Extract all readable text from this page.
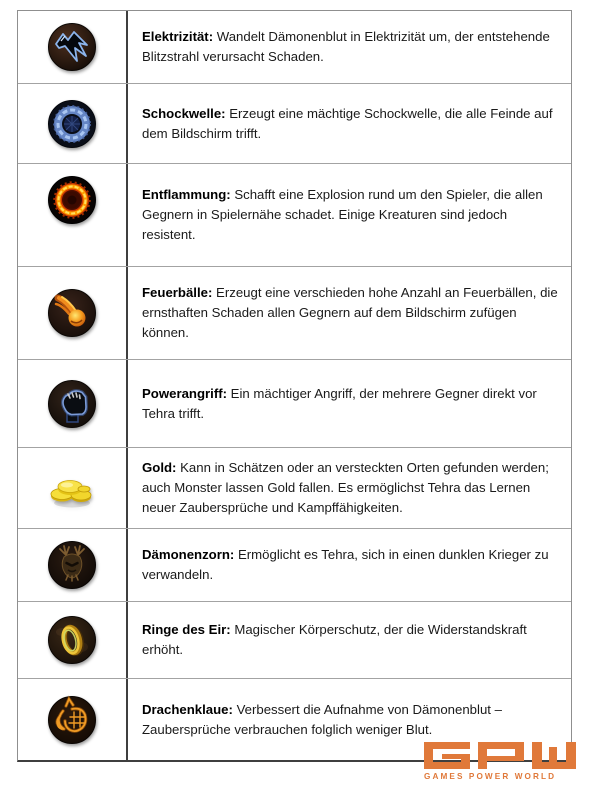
Elektrizität: Wandelt Dämonenblut in Elektrizität um, der entstehende Blitzstrahl verursacht Schaden.

Schockwelle: Erzeugt eine mächtige Schockwelle, die alle Feinde auf dem Bildschirm trifft.

Entflammung: Schafft eine Explosion rund um den Spieler, die allen Gegnern in Spielernähe schadet. Einige Kreaturen sind jedoch resistent.

Feuerbälle: Erzeugt eine verschieden hohe Anzahl an Feuerbällen, die ernsthaften Schaden allen Gegnern auf dem Bildschirm zufügen können.

Powerangriff: Ein mächtiger Angriff, der mehrere Gegner direkt vor Tehra trifft.

Gold: Kann in Schätzen oder an versteckten Orten gefunden werden; auch Monster lassen Gold fallen. Es ermöglichst Tehra das Lernen neuer Zaubersprüche und Kampffähigkeiten.

Dämonenzorn: Ermöglicht es Tehra, sich in einen dunklen Krieger zu verwandeln.

Ringe des Eir: Magischer Körperschutz, der die Widerstandskraft erhöht.

Drachenklaue: Verbessert die Aufnahme von Dämonenblut – Zaubersprüche verbrauchen folglich weniger Blut.

GAMES POWER WORLD
